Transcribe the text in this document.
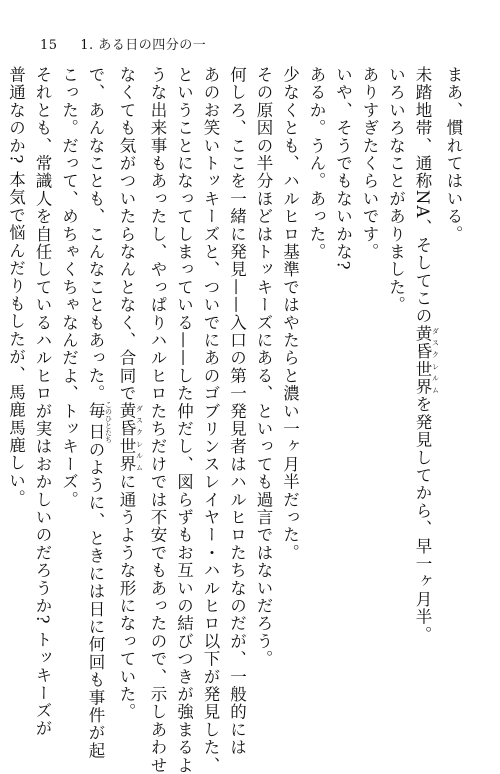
15 1. ある日の四分の一
まあ、慣れてはいる。
未踏地帯、通称NA、そしてこの黄昏世界 ダスクレルムを発見してから、早一ヶ月半。
いろいろなことがありました。
ありすぎたくらいです。
いや、そうでもないかな?
あるか。うん。あった。
少なくとも、ハルヒロ基準ではやたらと濃い一ヶ月半だった。
その原因の半分ほどはトッキーズにある、といっても過言ではないだろう。
何しろ、ここを一緒に発見——入口の第一発見者はハルヒロたちなのだが、一般的には
あのお笑いトッキーズと、ついでにあのゴブリンスレイヤー・ハルヒロ以下が発見した、
ということになってしまっている——した仲だし、図らずもお互いの結びつきが強まるよ
うな出来事もあったし、やっぱりハルヒロたちだけでは不安でもあったので、示しあわせ
なくても気がついたらなんとなく、合同で黄昏世界 ダスクレルムに通うような形になっていた。
で、あんなことも、こんなこともあった。毎日 このひとたちのように、ときには日に何回も事件が起
こった。だって、めちゃくちゃなんだよ、トッキーズ。
それとも、常識人を自任しているハルヒロが実はおかしいのだろうか? トッキーズが
普通なのか? 本気で悩んだりもしたが、馬鹿馬鹿しい。
